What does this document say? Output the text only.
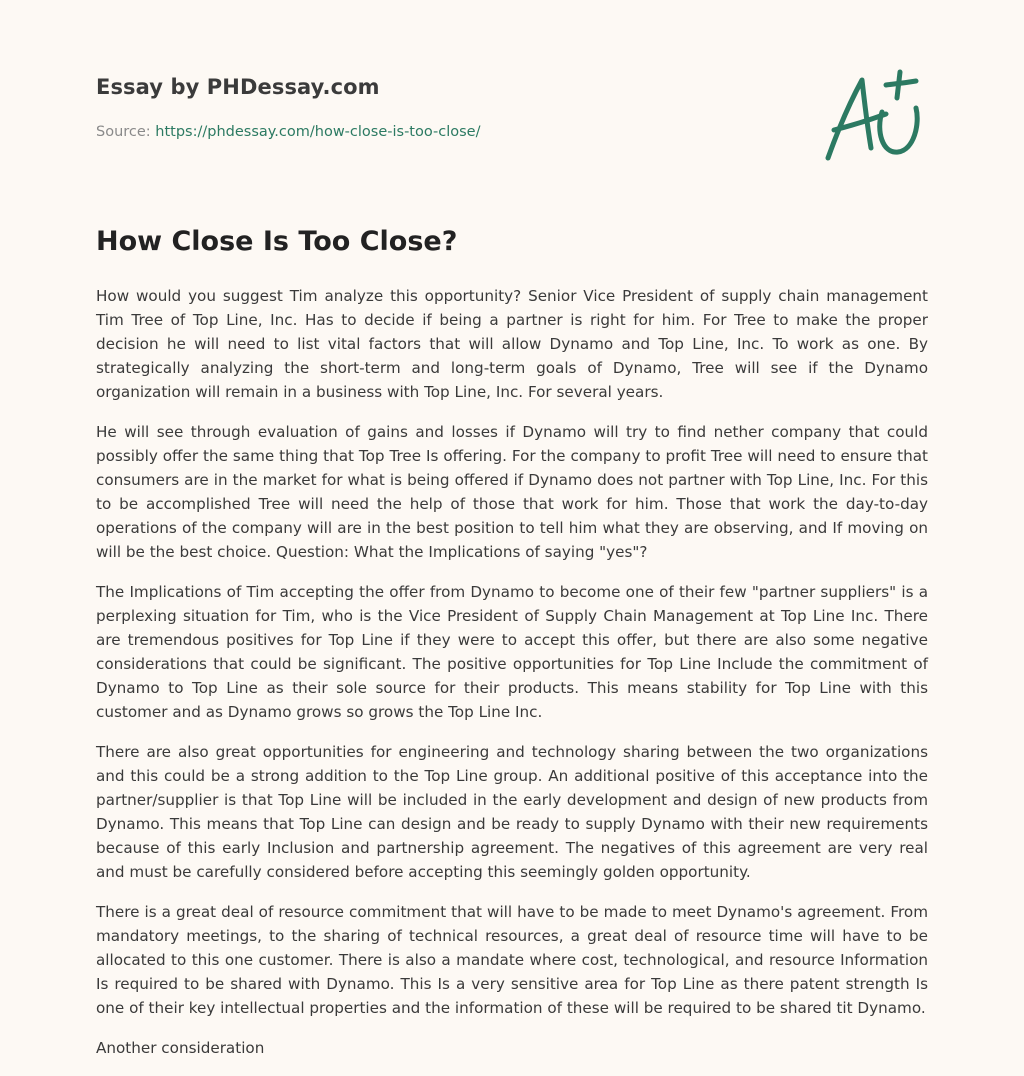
Essay by PHDessay.com
Source: https://phdessay.com/how-close-is-too-close/
How Close Is Too Close?

How would you suggest Tim analyze this opportunity? Senior Vice President of supply chain management Tim Tree of Top Line, Inc. Has to decide if being a partner is right for him. For Tree to make the proper decision he will need to list vital factors that will allow Dynamo and Top Line, Inc. To work as one. By strategically analyzing the short-term and long-term goals of Dynamo, Tree will see if the Dynamo organization will remain in a business with Top Line, Inc. For several years.

He will see through evaluation of gains and losses if Dynamo will try to find nether company that could possibly offer the same thing that Top Tree Is offering. For the company to profit Tree will need to ensure that consumers are in the market for what is being offered if Dynamo does not partner with Top Line, Inc. For this to be accomplished Tree will need the help of those that work for him. Those that work the day-to-day operations of the company will are in the best position to tell him what they are observing, and If moving on will be the best choice. Question: What the Implications of saying "yes"?

The Implications of Tim accepting the offer from Dynamo to become one of their few "partner suppliers" is a perplexing situation for Tim, who is the Vice President of Supply Chain Management at Top Line Inc. There are tremendous positives for Top Line if they were to accept this offer, but there are also some negative considerations that could be significant. The positive opportunities for Top Line Include the commitment of Dynamo to Top Line as their sole source for their products. This means stability for Top Line with this customer and as Dynamo grows so grows the Top Line Inc.

There are also great opportunities for engineering and technology sharing between the two organizations and this could be a strong addition to the Top Line group. An additional positive of this acceptance into the partner/supplier is that Top Line will be included in the early development and design of new products from Dynamo. This means that Top Line can design and be ready to supply Dynamo with their new requirements because of this early Inclusion and partnership agreement. The negatives of this agreement are very real and must be carefully considered before accepting this seemingly golden opportunity.

There is a great deal of resource commitment that will have to be made to meet Dynamo's agreement. From mandatory meetings, to the sharing of technical resources, a great deal of resource time will have to be allocated to this one customer. There is also a mandate where cost, technological, and resource Information Is required to be shared with Dynamo. This Is a very sensitive area for Top Line as there patent strength Is one of their key intellectual properties and the information of these will be required to be shared tit Dynamo.

Another consideration
